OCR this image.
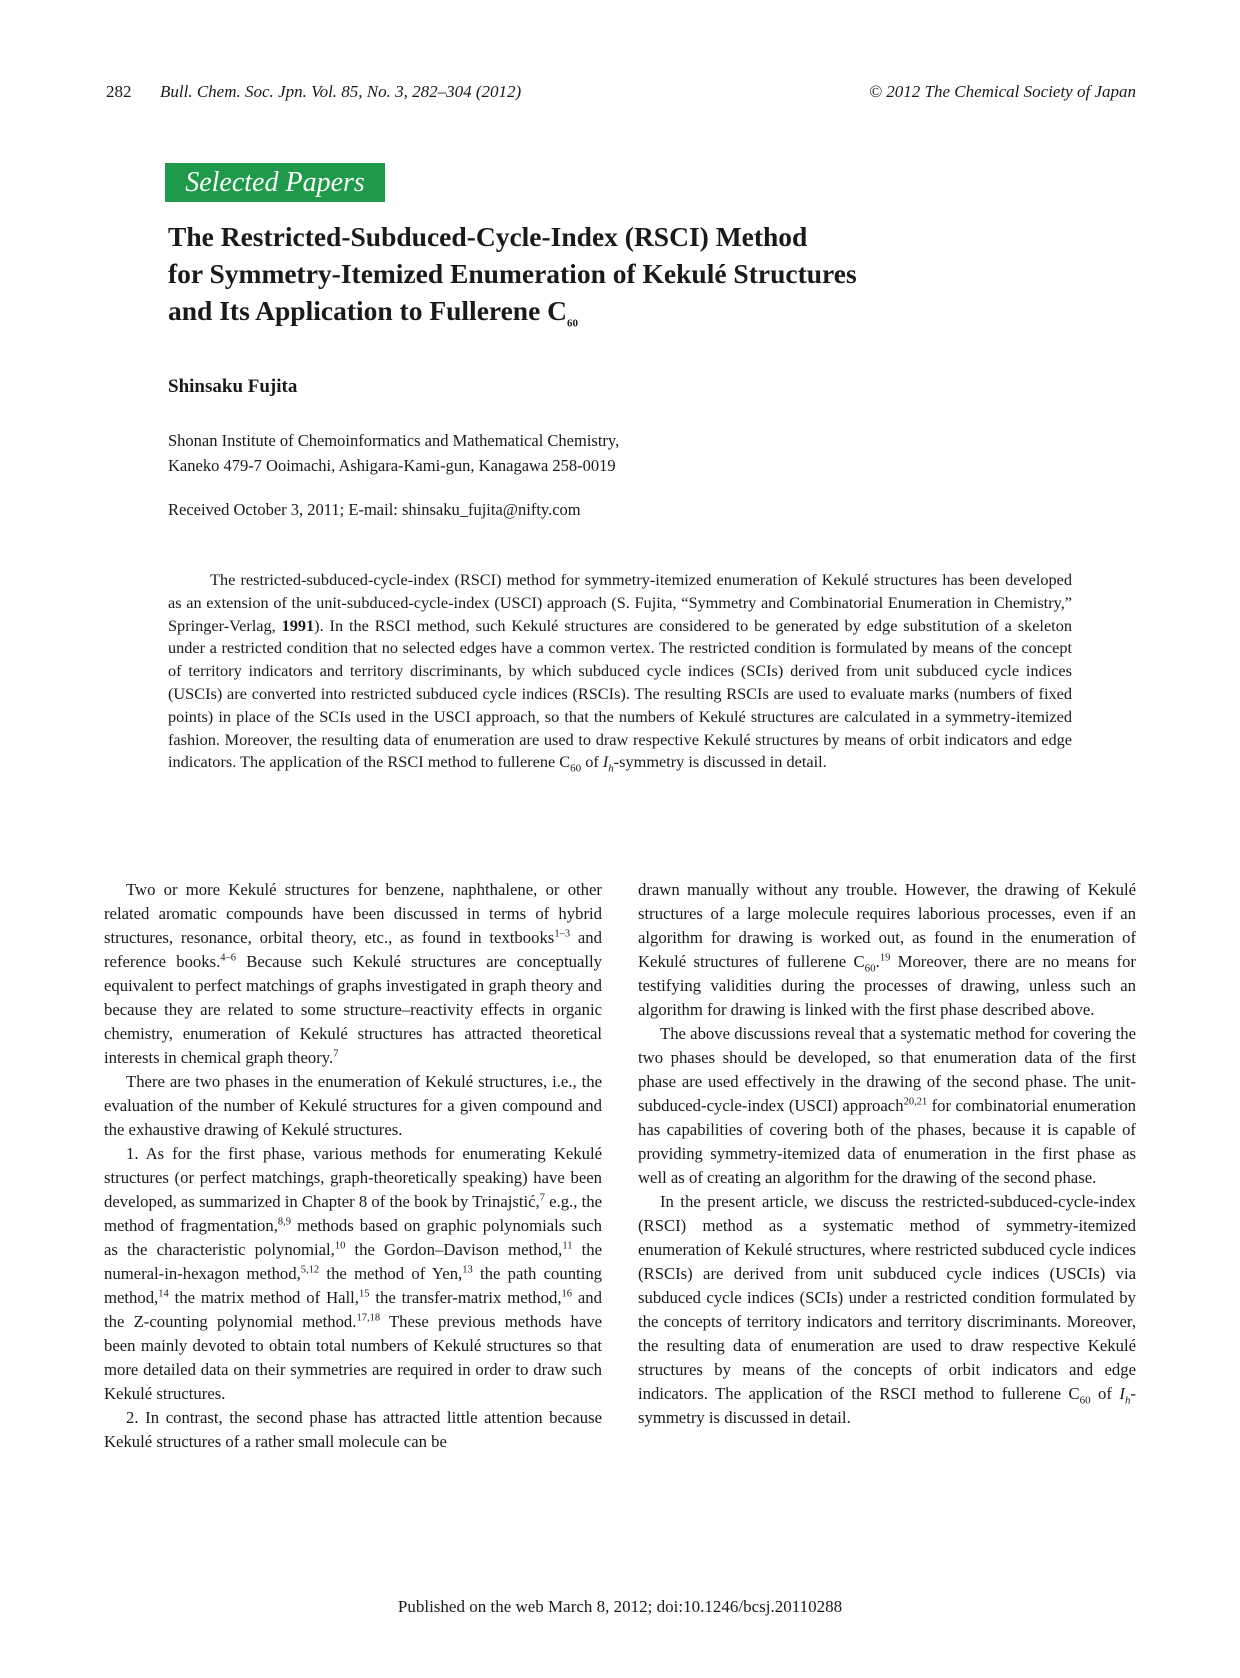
282 Bull. Chem. Soc. Jpn. Vol. 85, No. 3, 282–304 (2012)	© 2012 The Chemical Society of Japan
Selected Papers
The Restricted-Subduced-Cycle-Index (RSCI) Method
for Symmetry-Itemized Enumeration of Kekulé Structures
and Its Application to Fullerene $C_{60}$
Shinsaku Fujita
Shonan Institute of Chemoinformatics and Mathematical Chemistry,
Kaneko 479-7 Ooimachi, Ashigara-Kami-gun, Kanagawa 258-0019
Received October 3, 2011; E-mail: shinsaku_fujita@nifty.com

The restricted-subduced-cycle-index (RSCI) method for symmetry-itemized enumeration of Kekulé structures has been developed as an extension of the unit-subduced-cycle-index (USCI) approach (S. Fujita, “Symmetry and Combinatorial Enumeration in Chemistry,” Springer-Verlag, 1991). In the RSCI method, such Kekulé structures are considered to be generated by edge substitution of a skeleton under a restricted condition that no selected edges have a common vertex. The restricted condition is formulated by means of the concept of territory indicators and territory discriminants, by which subduced cycle indices (SCIs) derived from unit subduced cycle indices (USCIs) are converted into restricted subduced cycle indices (RSCIs). The resulting RSCIs are used to evaluate marks (numbers of fixed points) in place of the SCIs used in the USCI approach, so that the numbers of Kekulé structures are calculated in a symmetry-itemized fashion. Moreover, the resulting data of enumeration are used to draw respective Kekulé structures by means of orbit indicators and edge indicators. The application of the RSCI method to fullerene $C_{60}$ of $I_h$-symmetry is discussed in detail.

Two or more Kekulé structures for benzene, naphthalene, or other related aromatic compounds have been discussed in terms of hybrid structures, resonance, orbital theory, etc., as found in textbooks$^{1-3}$ and reference books.$^{4-6}$ Because such Kekulé structures are conceptually equivalent to perfect matchings of graphs investigated in graph theory and because they are related to some structure–reactivity effects in organic chemistry, enumeration of Kekulé structures has attracted theoretical interests in chemical graph theory.$^7$

There are two phases in the enumeration of Kekulé structures, i.e., the evaluation of the number of Kekulé structures for a given compound and the exhaustive drawing of Kekulé structures.

1. As for the first phase, various methods for enumerating Kekulé structures (or perfect matchings, graph-theoretically speaking) have been developed, as summarized in Chapter 8 of the book by Trinajstić,$^7$ e.g., the method of fragmentation,$^{8,9}$ methods based on graphic polynomials such as the characteristic polynomial,$^{10}$ the Gordon–Davison method,$^{11}$ the numeral-in-hexagon method,$^{5,12}$ the method of Yen,$^{13}$ the path counting method,$^{14}$ the matrix method of Hall,$^{15}$ the transfer-matrix method,$^{16}$ and the Z-counting polynomial method.$^{17,18}$ These previous methods have been mainly devoted to obtain total numbers of Kekulé structures so that more detailed data on their symmetries are required in order to draw such Kekulé structures.

2. In contrast, the second phase has attracted little attention because Kekulé structures of a rather small molecule can be

drawn manually without any trouble. However, the drawing of Kekulé structures of a large molecule requires laborious processes, even if an algorithm for drawing is worked out, as found in the enumeration of Kekulé structures of fullerene $C_{60}.^{19}$ Moreover, there are no means for testifying validities during the processes of drawing, unless such an algorithm for drawing is linked with the first phase described above.

The above discussions reveal that a systematic method for covering the two phases should be developed, so that enumeration data of the first phase are used effectively in the drawing of the second phase. The unit-subduced-cycle-index (USCI) approach$^{20,21}$ for combinatorial enumeration has capabilities of covering both of the phases, because it is capable of providing symmetry-itemized data of enumeration in the first phase as well as of creating an algorithm for the drawing of the second phase.

In the present article, we discuss the restricted-subduced-cycle-index (RSCI) method as a systematic method of symmetry-itemized enumeration of Kekulé structures, where restricted subduced cycle indices (RSCIs) are derived from unit subduced cycle indices (USCIs) via subduced cycle indices (SCIs) under a restricted condition formulated by the concepts of territory indicators and territory discriminants. Moreover, the resulting data of enumeration are used to draw respective Kekulé structures by means of the concepts of orbit indicators and edge indicators. The application of the RSCI method to fullerene $C_{60}$ of $I_h$-symmetry is discussed in detail.

Published on the web March 8, 2012; doi:10.1246/bcsj.20110288
